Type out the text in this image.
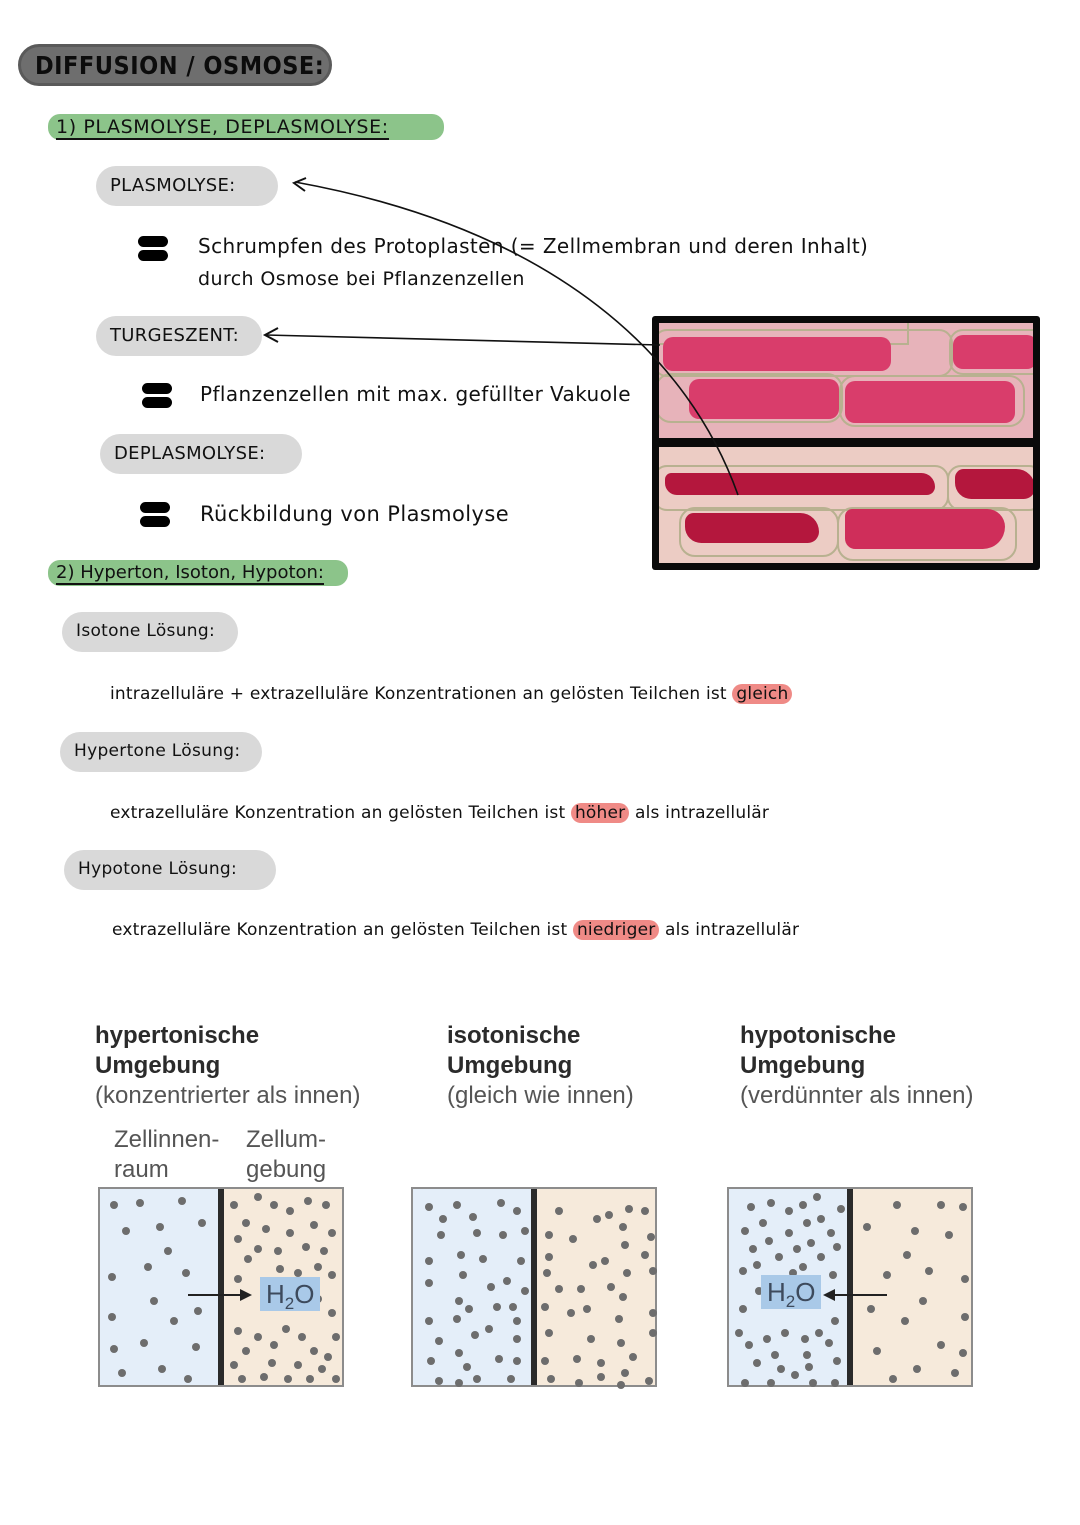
DIFFUSION / OSMOSE:
1) PLASMOLYSE, DEPLASMOLYSE:
PLASMOLYSE:
Schrumpfen des Protoplasten (= Zellmembran und deren Inhalt)
durch Osmose bei Pflanzenzellen
TURGESZENT:
Pflanzenzellen mit max. gefüllter Vakuole
DEPLASMOLYSE:
Rückbildung von Plasmolyse
2) Hyperton, Isoton, Hypoton:
Isotone Lösung:
intrazelluläre + extrazelluläre Konzentrationen an gelösten Teilchen ist gleich
Hypertone Lösung:
extrazelluläre Konzentration an gelösten Teilchen ist höher als intrazellulär
Hypotone Lösung:
extrazelluläre Konzentration an gelösten Teilchen ist niedriger als intrazellulär
hypertonische
Umgebung
(konzentrierter als innen)
Zellinnen-
raum
Zellum-
gebung
$H_2O$
isotonische
Umgebung
(gleich wie innen)
hypotonische
Umgebung
(verdünnter als innen)
$H_2O$
